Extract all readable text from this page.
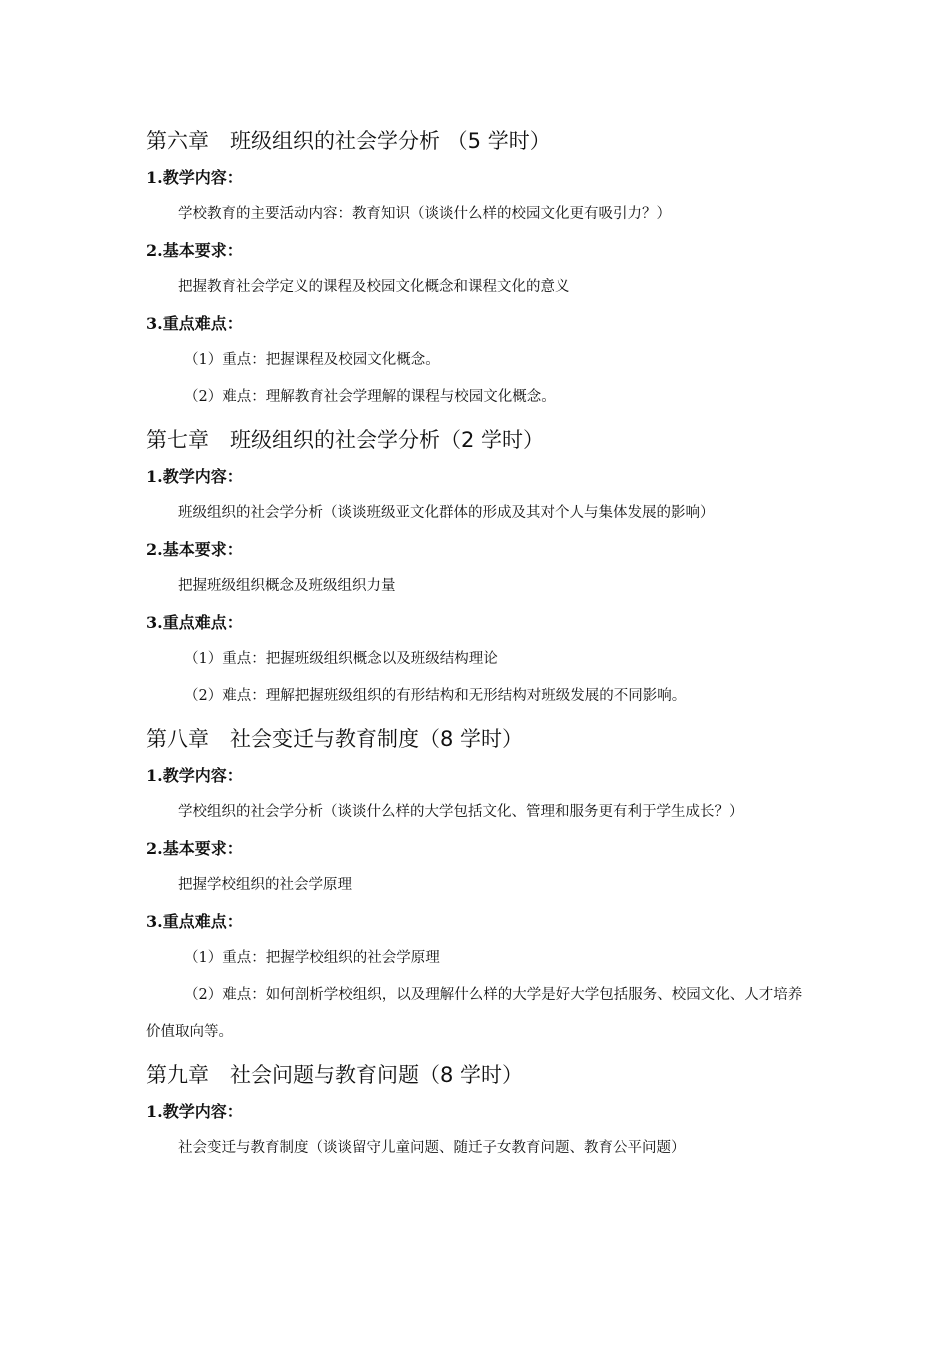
第六章　班级组织的社会学分析 （5 学时）
1.教学内容：

学校教育的主要活动内容：教育知识（谈谈什么样的校园文化更有吸引力？）

2.基本要求：

把握教育社会学定义的课程及校园文化概念和课程文化的意义

3.重点难点：

（1）重点：把握课程及校园文化概念。

（2）难点：理解教育社会学理解的课程与校园文化概念。

第七章　班级组织的社会学分析（2 学时）
1.教学内容：

班级组织的社会学分析（谈谈班级亚文化群体的形成及其对个人与集体发展的影响）

2.基本要求：

把握班级组织概念及班级组织力量

3.重点难点：

（1）重点：把握班级组织概念以及班级结构理论

（2）难点：理解把握班级组织的有形结构和无形结构对班级发展的不同影响。

第八章　社会变迁与教育制度（8 学时）
1.教学内容：

学校组织的社会学分析（谈谈什么样的大学包括文化、管理和服务更有利于学生成长？）

2.基本要求：

把握学校组织的社会学原理

3.重点难点：

（1）重点：把握学校组织的社会学原理

（2）难点：如何剖析学校组织，以及理解什么样的大学是好大学包括服务、校园文化、人才培养价值取向等。

第九章　社会问题与教育问题（8 学时）
1.教学内容：

社会变迁与教育制度（谈谈留守儿童问题、随迁子女教育问题、教育公平问题）
